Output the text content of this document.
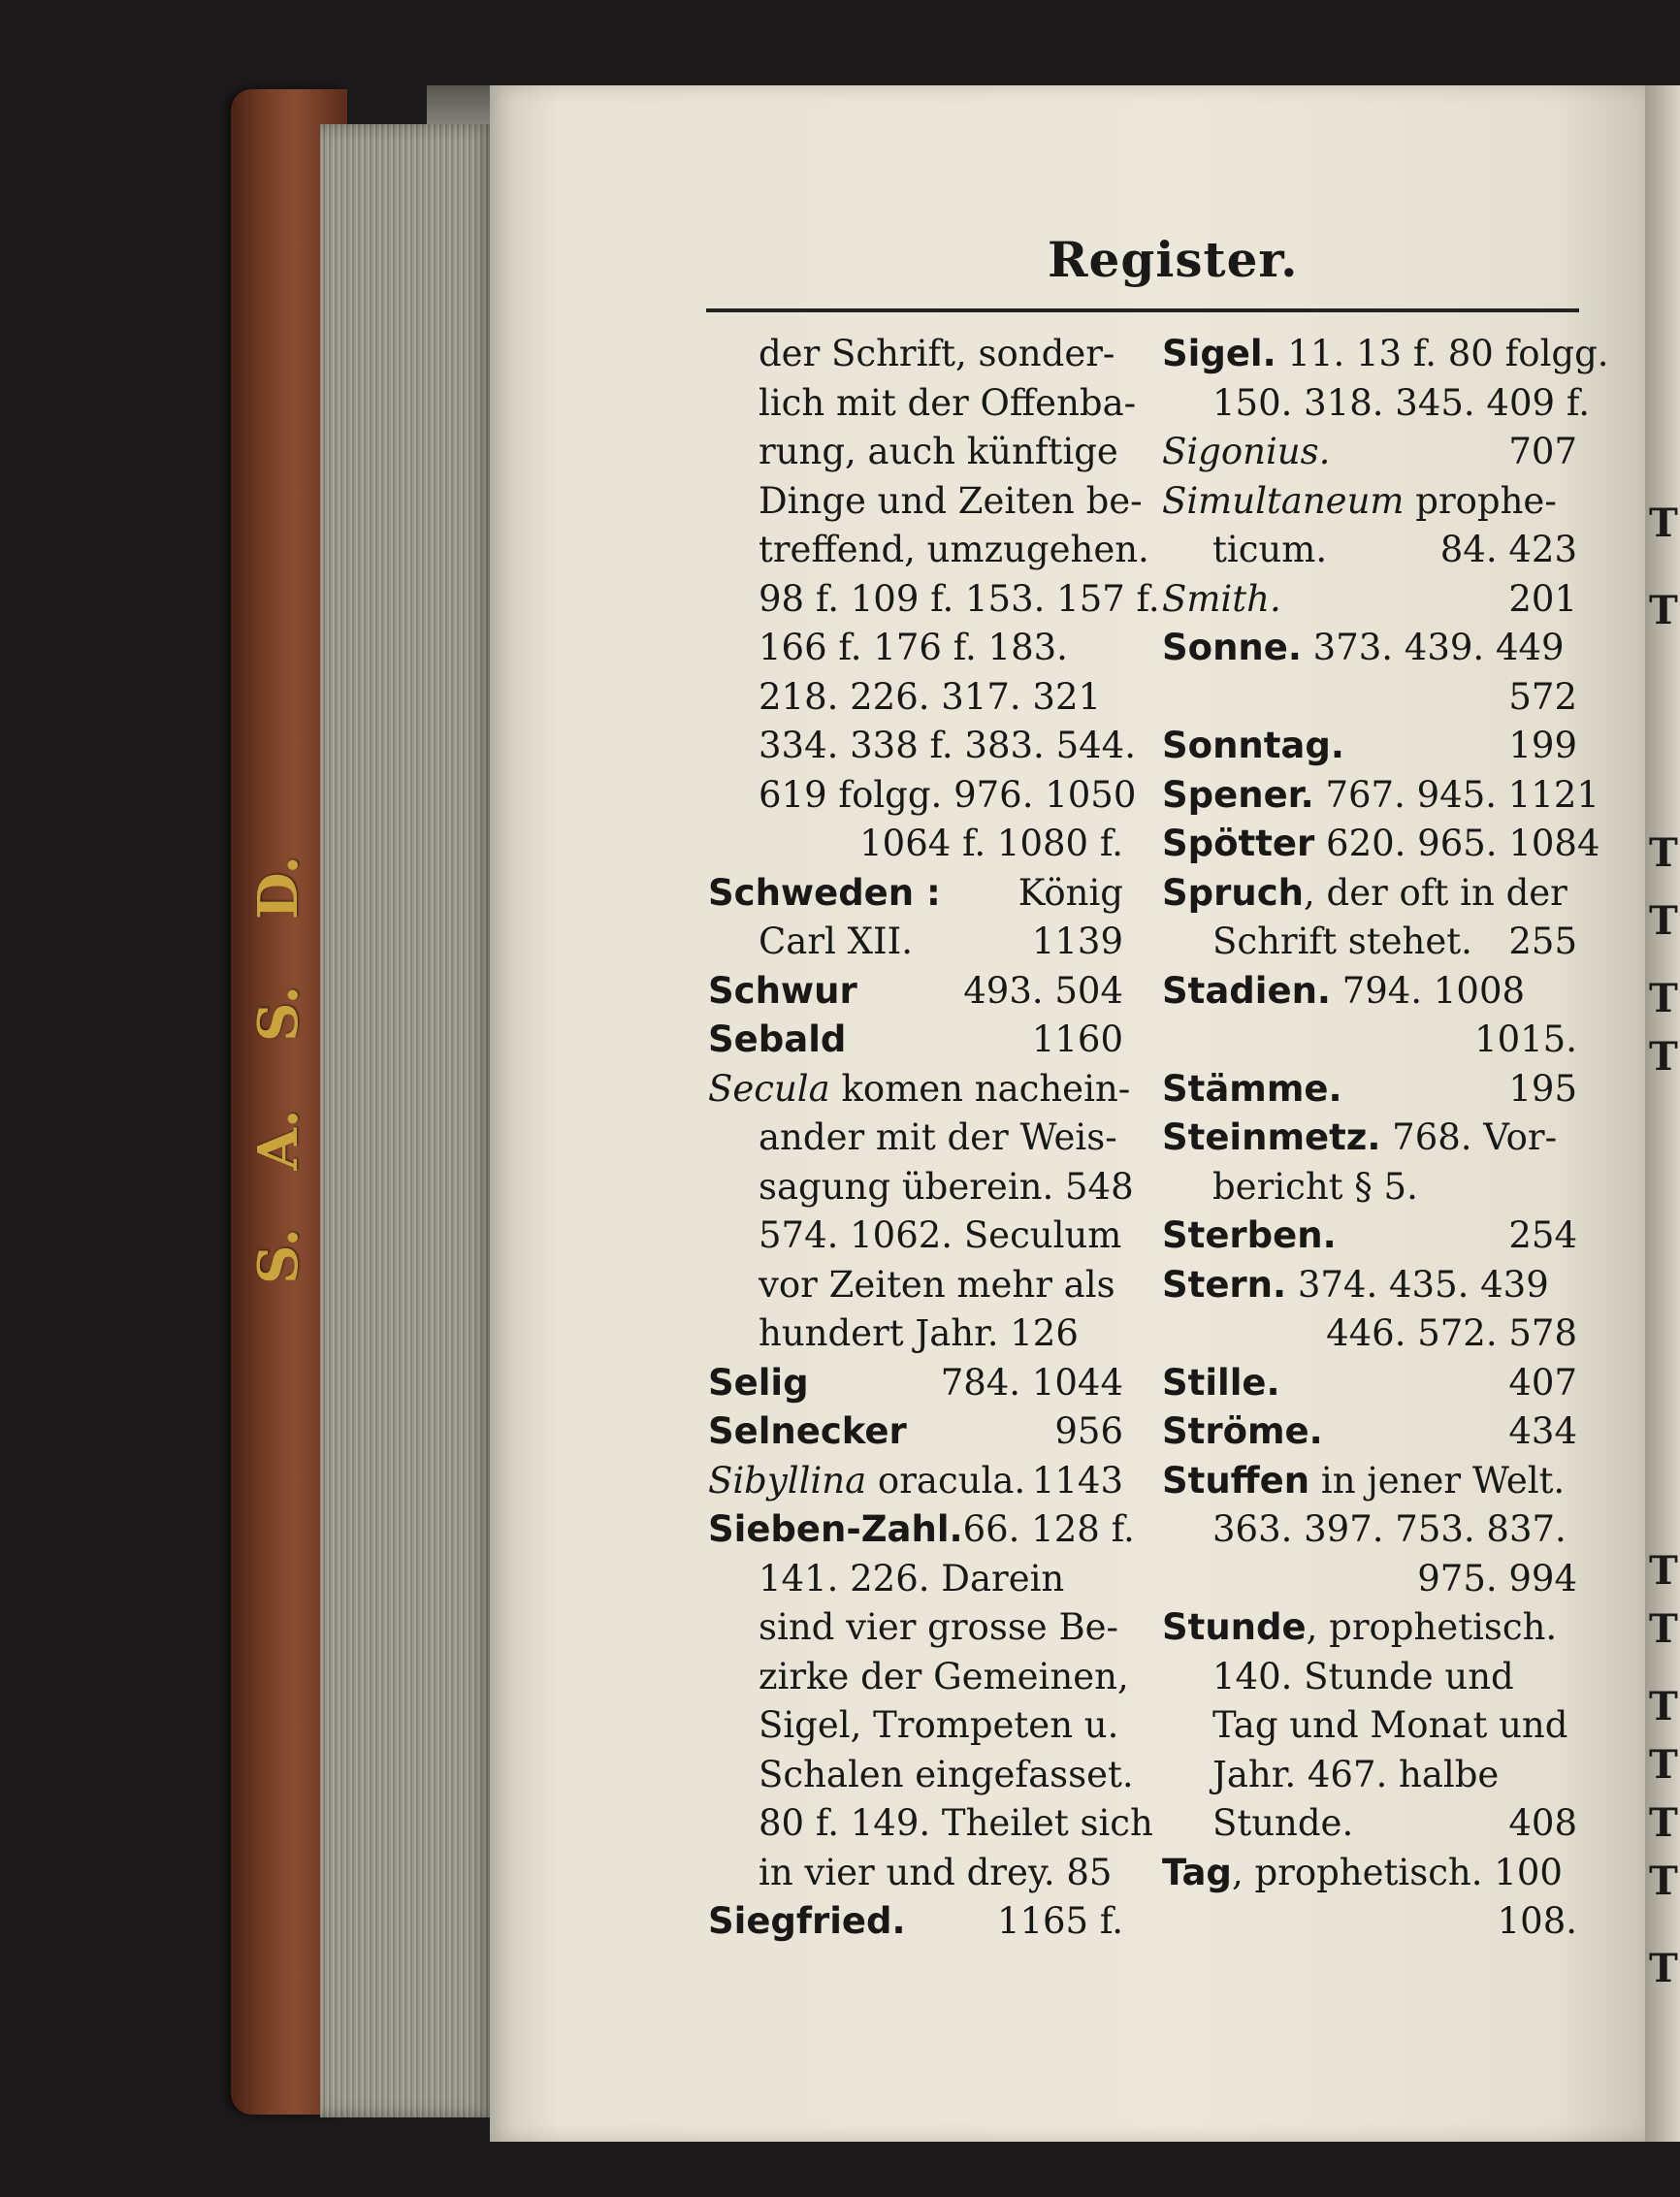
D.
S.
A.
S.
T
T
T
T
T
T
T
T
T
T
T
T
T
Register.
der Schrift, sonder-
lich mit der Offenba-
rung, auch künftige
Dinge und Zeiten be-
treffend, umzugehen.
98 f. 109 f. 153. 157 f.
166 f. 176 f. 183.
218. 226. 317. 321
334. 338 f. 383. 544.
619 folgg. 976. 1050
1064 f. 1080 f.
Schweden : König
Carl XII.	1139
Schwur	493. 504
Sebald	1160
Secula komen nachein-
ander mit der Weis-
sagung überein. 548
574. 1062. Seculum
vor Zeiten mehr als
hundert Jahr. 126
Selig	784. 1044
Selnecker	956
Sibyllina oracula. 1143
Sieben-Zahl.66. 128 f.
141. 226. Darein
sind vier grosse Be-
zirke der Gemeinen,
Sigel, Trompeten u.
Schalen eingefasset.
80 f. 149. Theilet sich
in vier und drey. 85
Siegfried.	1165 f.
Sigel. 11. 13 f. 80 folgg.
150. 318. 345. 409 f.
Sigonius.	707
Simultaneum prophe-
ticum.	84. 423
Smith.	201
Sonne. 373. 439. 449
572
Sonntag.	199
Spener. 767. 945. 1121
Spötter 620. 965. 1084
Spruch, der oft in der
Schrift stehet. 255
Stadien. 794. 1008
1015.
Stämme.	195
Steinmetz. 768. Vor-
bericht § 5.
Sterben.	254
Stern. 374. 435. 439
446. 572. 578
Stille.	407
Ströme.	434
Stuffen in jener Welt.
363. 397. 753. 837.
975. 994
Stunde, prophetisch.
140. Stunde und
Tag und Monat und
Jahr. 467. halbe
Stunde.	408
Tag, prophetisch. 100
108.
